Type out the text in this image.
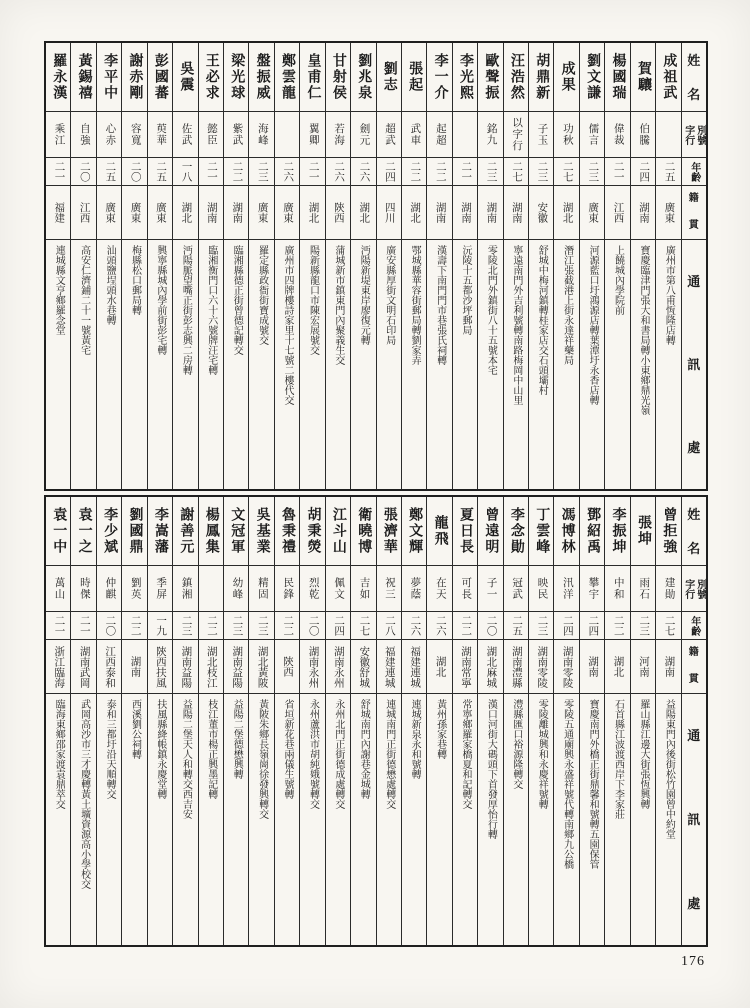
姓
名
別號
字行
年齡
籍
貫
通
訊
處
成祖武
二五
廣東
廣州市第八甫恆隆店轉
賀驤
伯騰
二四
湖南
寶慶臨津門張大和書局轉小東鄉鼎光嶺
楊國瑞
偉裁
二一
江西
上饒城內學院前
劉文謙
儒言
二三
廣東
河源藍口圩鴻源店轉葉潭圩永香店轉
成果
功秋
二七
湖北
潛江張截港上街永達祥藥局
胡鼎新
子玉
二三
安徽
舒城中梅河鎮轉桂家店交石頭壩村
汪浩然
以字行
二七
湖南
寧遠南門外吉利號轉南路梅岡中山里
歐聲振
銘九
二三
湖南
零陵北門外鎮街八十五號本宅
李光熙
二一
湖南
沅陵十五都沙坪郵局
李一介
起超
二二
湖南
漢壽下南門門市巷張氏祠轉
張起
武車
二二
湖北
鄂城縣華容街郵局轉劉家弄
劉志
超武
二四
四川
廣安縣厚街文明石印局
劉兆泉
劍元
二六
湖北
沔陽新堤東岸廖復元轉
甘射侯
若海
二六
陝西
蒲城新市鎮東門內聚義生交
皇甫仁
翼卿
二一
湖北
陽新縣龍口市陳宏展號交
鄭雲龍
二六
廣東
廣州市四牌樓詩家里十七號二樓代交
盤振威
海峰
二三
廣東
羅定縣政衙街寶成號交
梁光球
紫武
二二
湖南
臨湘縣德正街曾德記轉交
王必求
懿臣
二一
湖南
臨湘衡門口六十六號牌汪宅轉
吳震
佐武
一八
湖北
沔陽脈望嘴正街彭志興二房轉
彭國蕃
萸華
二五
廣東
興寧縣城內學前街彭宅轉
謝赤剛
容寬
二〇
廣東
梅縣松口郵局轉
李平中
心赤
二五
廣東
汕頭鹽埕頭水巷轉
黃錫禧
自強
二〇
江西
高安仁濟鋪二十一號黃宅
羅永漢
乘江
二一
福建
連城縣文亨鄉羅念堂
姓
名
別號
字行
年齡
籍
貫
通
訊
處
曾拒強
建勛
二七
湖南
益陽東門內後街松竹園曾中約堂
張坤
雨石
二三
河南
羅山縣江邊大街張恆興轉
李振坤
中和
二二
湖北
石首縣江波渡西岸下李家莊
鄧紹禹
攀宇
二四
湖南
寶慶南門外橋正街鼎馨和號轉五園保管
馮博林
汛洋
二四
湖南零陵
零陵五通廟興永盛祥號代轉南鄉九公橋
丁雲峰
映民
二三
湖南零陵
零陵離城興和永慶祥號轉
李念勛
冠武
二五
湖南澧縣
澧縣匯口裕源隆轉交
曾遠明
子一
二〇
湖北麻城
漢口河街大碼頭下首發厚怡行轉
夏日長
可長
二二
湖南常寧
常寧鄉羅家橋夏和記轉交
龍飛
在天
二六
湖北
黃州孫家巷轉
鄭文輝
夢蔭
二六
福建連城
連城新泉永和號轉
張濟華
祝三
二八
福建連城
連城南門正街德懋處轉交
衛曉博
吉如
二七
安徽舒城
舒城南門內謝巷金城轉
江斗山
佩文
二四
湖南永州
永州北門正街德成處轉交
胡秉熒
烈乾
二〇
湖南永州
永州蘆洪市胡純娥號轉交
魯秉禮
民鋒
二二
陝西
省垣新花巷兩儀生號轉
吳基業
精固
二三
湖北黃陂
黃陂朱鄉長嶺崗徐發興轉交
文冠軍
幼峰
二三
湖南益陽
益陽二堡德懋興轉
楊鳳集
二二
湖北枝江
枝江董市楊正興墨記轉
謝善元
鎮湘
二三
湖南益陽
益陽二堡天人和轉交西吉安
李嵩藩
季屏
一九
陝西扶風
扶風縣絳帳鎮永慶堂轉
劉國鼎
劉英
二二
湖南
西溪劉公祠轉
李少斌
仲麒
二〇
江西泰和
泰和三都圩沿天順轉交
袁一之
時傑
二一
湖南武岡
武岡高沙市三才慶轉黃土壙資源高小學校交
袁一中
萬山
二一
浙江臨海
臨海東鄉邵家渡袁鼎萃交
176
